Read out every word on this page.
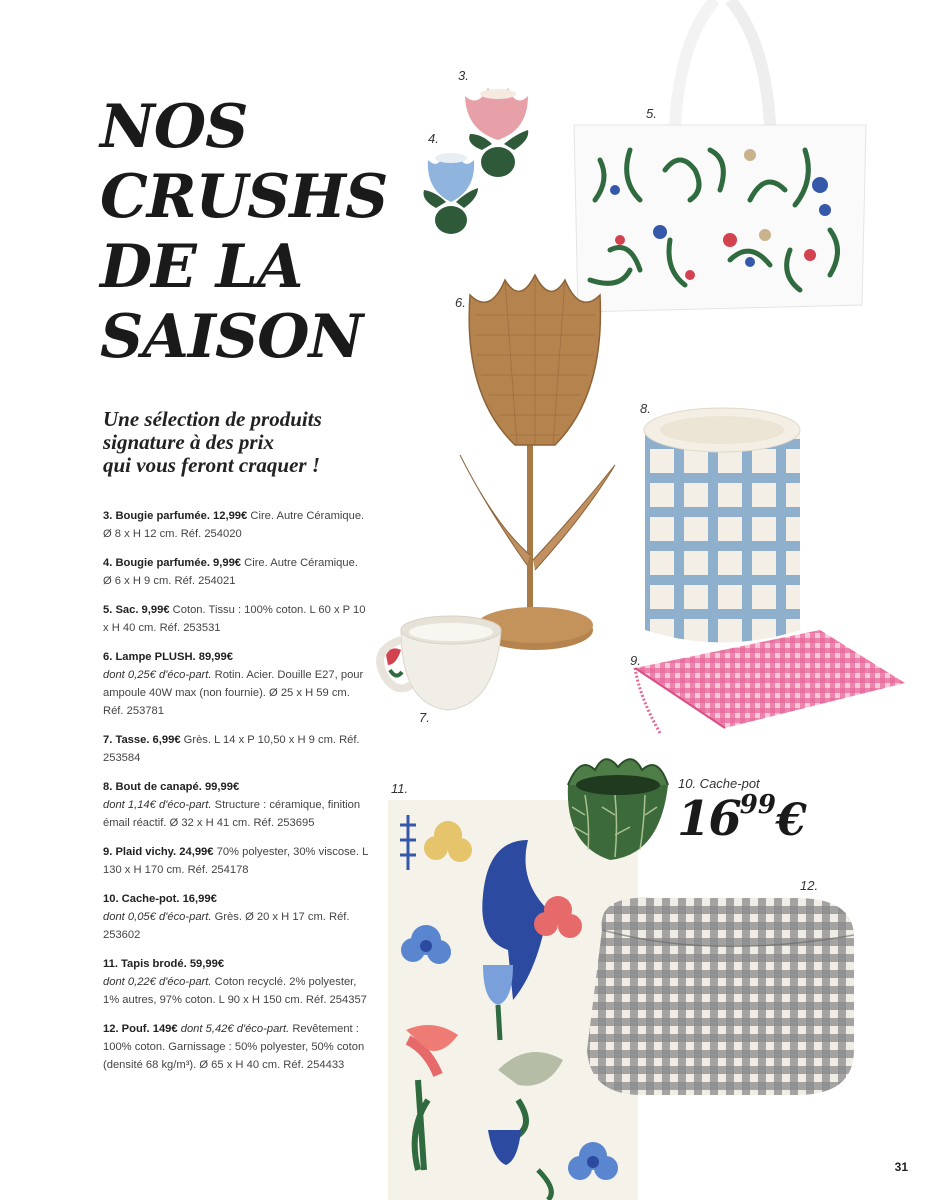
NOS
CRUSHS
DE LA
SAISON

Une sélection de produits
signature à des prix
qui vous feront craquer !

3. Bougie parfumée. 12,99€ Cire. Autre Céramique. Ø 8 x H 12 cm. Réf. 254020
4. Bougie parfumée. 9,99€ Cire. Autre Céramique. Ø 6 x H 9 cm. Réf. 254021
5. Sac. 9,99€ Coton. Tissu : 100% coton. L 60 x P 10 x H 40 cm. Réf. 253531
6. Lampe PLUSH. 89,99€
dont 0,25€ d'éco-part. Rotin. Acier. Douille E27, pour ampoule 40W max (non fournie). Ø 25 x H 59 cm. Réf. 253781
7. Tasse. 6,99€ Grès. L 14 x P 10,50 x H 9 cm. Réf. 253584
8. Bout de canapé. 99,99€
dont 1,14€ d'éco-part. Structure : céramique, finition émail réactif. Ø 32 x H 41 cm. Réf. 253695
9. Plaid vichy. 24,99€ 70% polyester, 30% viscose. L 130 x H 170 cm. Réf. 254178
10. Cache-pot. 16,99€
dont 0,05€ d'éco-part. Grès. Ø 20 x H 17 cm. Réf. 253602
11. Tapis brodé. 59,99€
dont 0,22€ d'éco-part. Coton recyclé. 2% polyester, 1% autres, 97% coton. L 90 x H 150 cm. Réf. 254357
12. Pouf. 149€ dont 5,42€ d'éco-part. Revêtement : 100% coton. Garnissage : 50% polyester, 50% coton (densité 68 kg/m³). Ø 65 x H 40 cm. Réf. 254433
3.
4.
5.
6.
7.
8.
9.
10. Cache-pot
11.
12.
1699€
31
